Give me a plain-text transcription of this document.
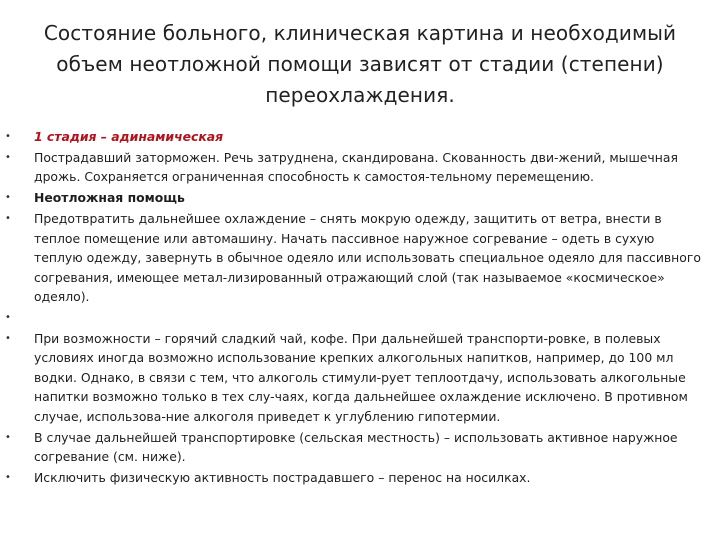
Состояние больного, клиническая картина и необходимый объем неотложной помощи зависят от стадии (степени) переохлаждения.
• 1 стадия – адинамическая
• Пострадавший заторможен. Речь затруднена, скандирована. Скованность дви-жений, мышечная дрожь. Сохраняется ограниченная способность к самостоя-тельному перемещению.
• Неотложная помощь
• Предотвратить дальнейшее охлаждение – снять мокрую одежду, защитить от ветра, внести в теплое помещение или автомашину. Начать пассивное наружное согревание – одеть в сухую теплую одежду, завернуть в обычное одеяло или использовать специальное одеяло для пассивного согревания, имеющее метал-лизированный отражающий слой (так называемое «космическое» одеяло).
•
• При возможности – горячий сладкий чай, кофе. При дальнейшей транспорти-ровке, в полевых условиях иногда возможно использование крепких алкогольных напитков, например, до 100 мл водки. Однако, в связи с тем, что алкоголь стимули-рует теплоотдачу, использовать алкогольные напитки возможно только в тех слу-чаях, когда дальнейшее охлаждение исключено. В противном случае, использова-ние алкоголя приведет к углублению гипотермии.
• В случае дальнейшей транспортировке (сельская местность) – использовать активное наружное согревание (см. ниже).
• Исключить физическую активность пострадавшего – перенос на носилках.
